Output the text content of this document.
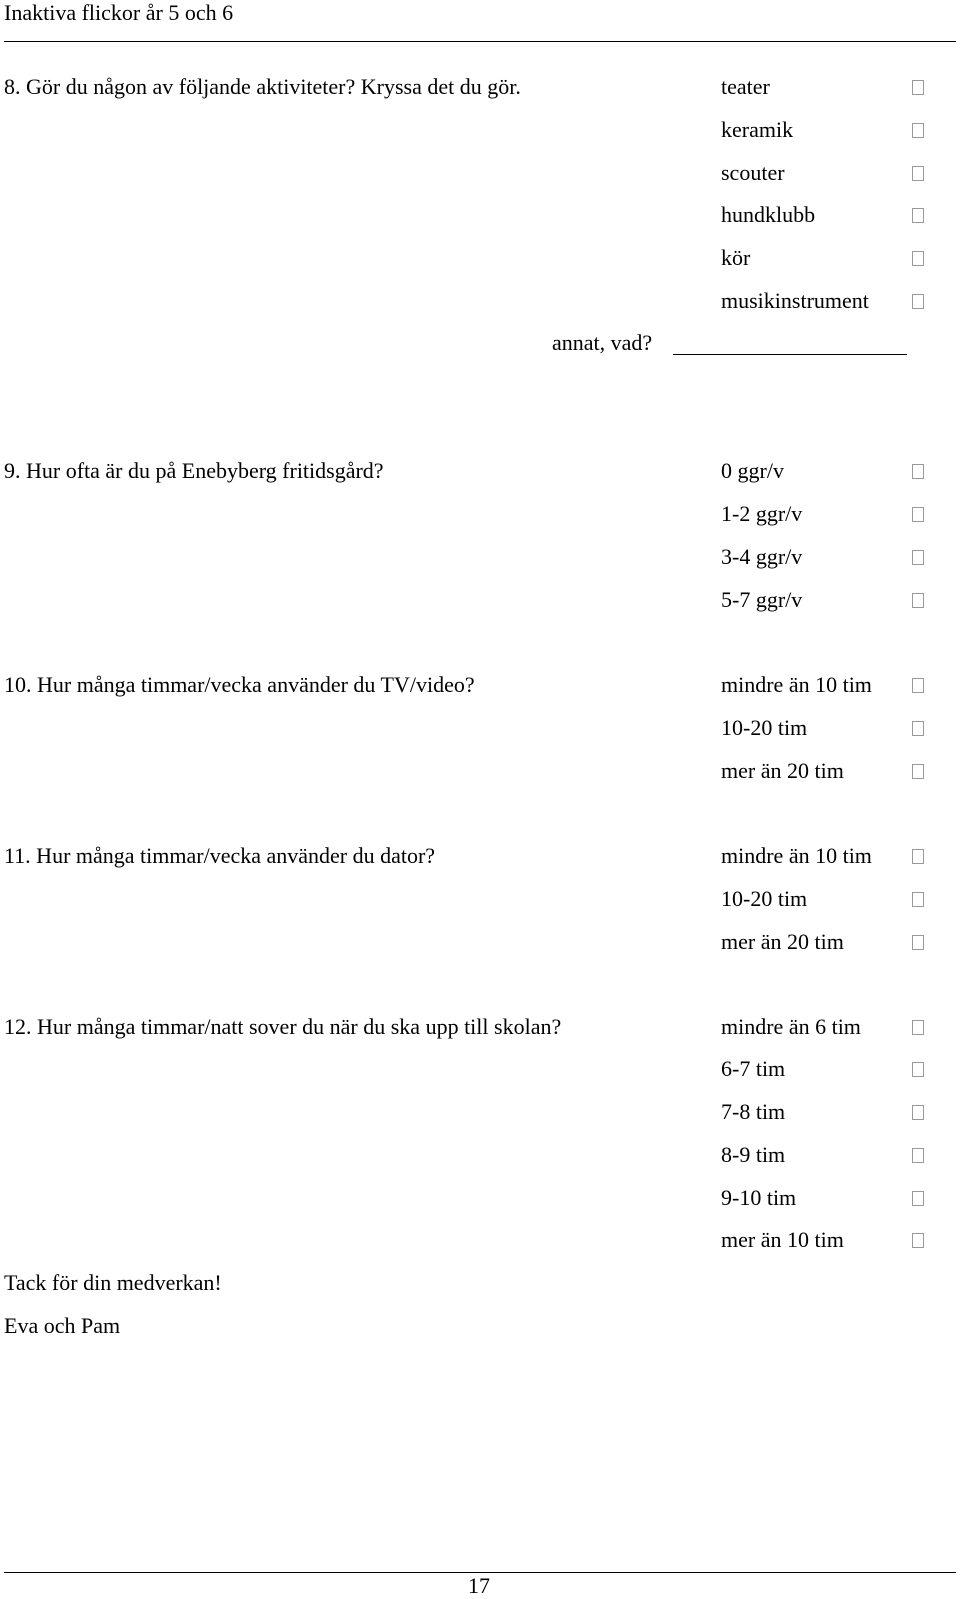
Inaktiva flickor år 5 och 6
8. Gör du någon av följande aktiviteter? Kryssa det du gör.	teater
keramik
scouter
hundklubb
kör
musikinstrument
annat, vad?
9. Hur ofta är du på Enebyberg fritidsgård?	0 ggr/v
1-2 ggr/v
3-4 ggr/v
5-7 ggr/v
10. Hur många timmar/vecka använder du TV/video?	mindre än 10 tim
10-20 tim
mer än 20 tim
11. Hur många timmar/vecka använder du dator?	mindre än 10 tim
10-20 tim
mer än 20 tim
12. Hur många timmar/natt sover du när du ska upp till skolan?	mindre än 6 tim
6-7 tim
7-8 tim
8-9 tim
9-10 tim
mer än 10 tim
Tack för din medverkan!
Eva och Pam
17
